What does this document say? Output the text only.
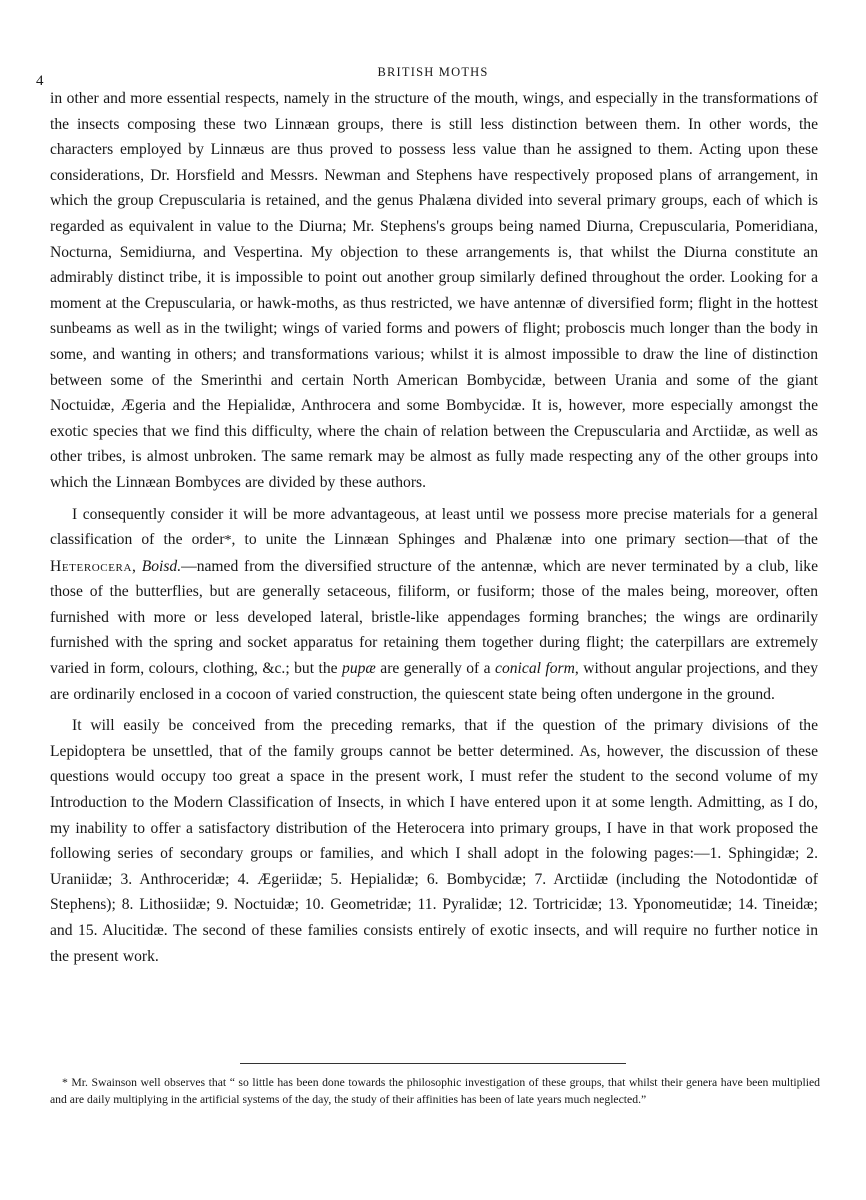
4
BRITISH MOTHS

in other and more essential respects, namely in the structure of the mouth, wings, and especially in the transformations of the insects composing these two Linnæan groups, there is still less distinction between them. In other words, the characters employed by Linnæus are thus proved to possess less value than he assigned to them. Acting upon these considerations, Dr. Horsfield and Messrs. Newman and Stephens have respectively proposed plans of arrangement, in which the group Crepuscularia is retained, and the genus Phalæna divided into several primary groups, each of which is regarded as equivalent in value to the Diurna; Mr. Stephens's groups being named Diurna, Crepuscularia, Pomeridiana, Nocturna, Semidiurna, and Vespertina. My objection to these arrangements is, that whilst the Diurna constitute an admirably distinct tribe, it is impossible to point out another group similarly defined throughout the order. Looking for a moment at the Crepuscularia, or hawk-moths, as thus restricted, we have antennæ of diversified form; flight in the hottest sunbeams as well as in the twilight; wings of varied forms and powers of flight; proboscis much longer than the body in some, and wanting in others; and transformations various; whilst it is almost impossible to draw the line of distinction between some of the Smerinthi and certain North American Bombycidæ, between Urania and some of the giant Noctuidæ, Ægeria and the Hepialidæ, Anthrocera and some Bombycidæ. It is, however, more especially amongst the exotic species that we find this difficulty, where the chain of relation between the Crepuscularia and Arctiidæ, as well as other tribes, is almost unbroken. The same remark may be almost as fully made respecting any of the other groups into which the Linnæan Bombyces are divided by these authors.

I consequently consider it will be more advantageous, at least until we possess more precise materials for a general classification of the order*, to unite the Linnæan Sphinges and Phalænæ into one primary section—that of the Heterocera, Boisd.—named from the diversified structure of the antennæ, which are never terminated by a club, like those of the butterflies, but are generally setaceous, filiform, or fusiform; those of the males being, moreover, often furnished with more or less developed lateral, bristle-like appendages forming branches; the wings are ordinarily furnished with the spring and socket apparatus for retaining them together during flight; the caterpillars are extremely varied in form, colours, clothing, &c.; but the pupæ are generally of a conical form, without angular projections, and they are ordinarily enclosed in a cocoon of varied construction, the quiescent state being often undergone in the ground.

It will easily be conceived from the preceding remarks, that if the question of the primary divisions of the Lepidoptera be unsettled, that of the family groups cannot be better determined. As, however, the discussion of these questions would occupy too great a space in the present work, I must refer the student to the second volume of my Introduction to the Modern Classification of Insects, in which I have entered upon it at some length. Admitting, as I do, my inability to offer a satisfactory distribution of the Heterocera into primary groups, I have in that work proposed the following series of secondary groups or families, and which I shall adopt in the folowing pages:—1. Sphingidæ; 2. Uraniidæ; 3. Anthroceridæ; 4. Ægeriidæ; 5. Hepialidæ; 6. Bombycidæ; 7. Arctiidæ (including the Notodontidæ of Stephens); 8. Lithosiidæ; 9. Noctuidæ; 10. Geometridæ; 11. Pyralidæ; 12. Tortricidæ; 13. Yponomeutidæ; 14. Tineidæ; and 15. Alucitidæ. The second of these families consists entirely of exotic insects, and will require no further notice in the present work.

* Mr. Swainson well observes that “ so little has been done towards the philosophic investigation of these groups, that whilst their genera have been multiplied and are daily multiplying in the artificial systems of the day, the study of their affinities has been of late years much neglected.”
